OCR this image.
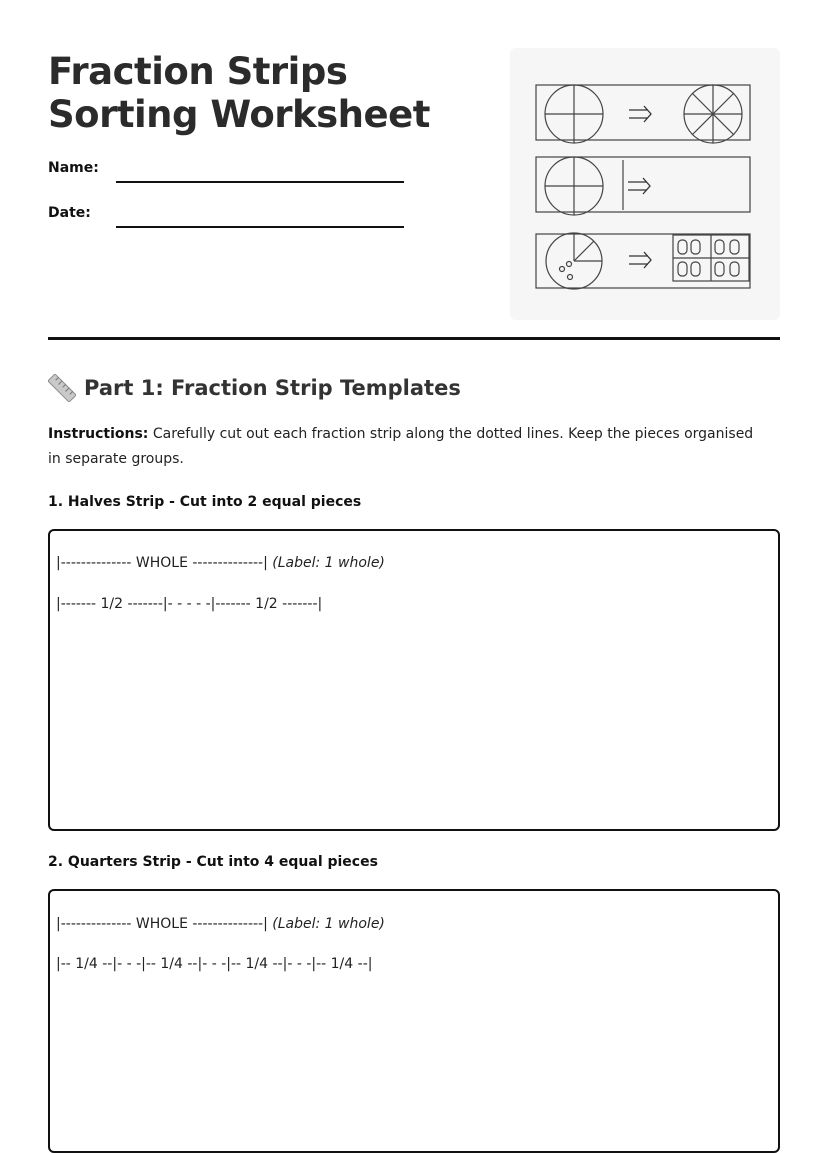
Fraction Strips Sorting Worksheet
Name:
Date:
Part 1: Fraction Strip Templates
Instructions: Carefully cut out each fraction strip along the dotted lines. Keep the pieces organised in separate groups.
1. Halves Strip - Cut into 2 equal pieces
|-------------- WHOLE --------------| (Label: 1 whole)
|------- 1/2 -------|- - - - -|------- 1/2 -------|
2. Quarters Strip - Cut into 4 equal pieces
|-------------- WHOLE --------------| (Label: 1 whole)
|-- 1/4 --|- - -|-- 1/4 --|- - -|-- 1/4 --|- - -|-- 1/4 --|
